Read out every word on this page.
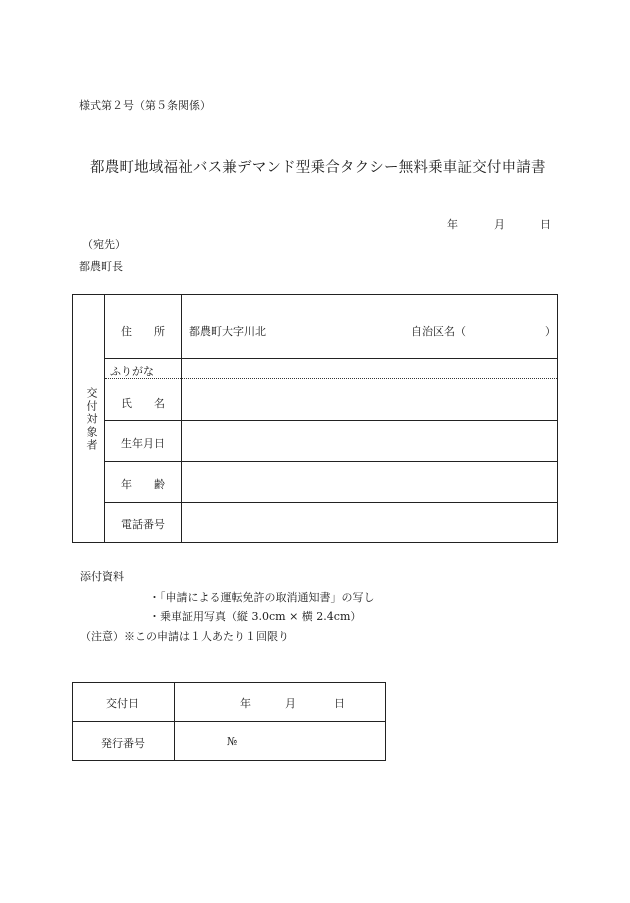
様式第２号（第５条関係）
都農町地域福祉バス兼デマンド型乗合タクシー無料乗車証交付申請書
年	月	日
（宛先）
都農町長
交付対象者
住　　所 都農町大字川北	自治区名（	）
ふりがな
氏　　名
生年月日
年　　齢
電話番号
添付資料
・「申請による運転免許の取消通知書」の写し
・乗車証用写真（縦 3.0cm × 横 2.4cm）
（注意）※この申請は１人あたり１回限り
交付日	年	月	日
発行番号	№
